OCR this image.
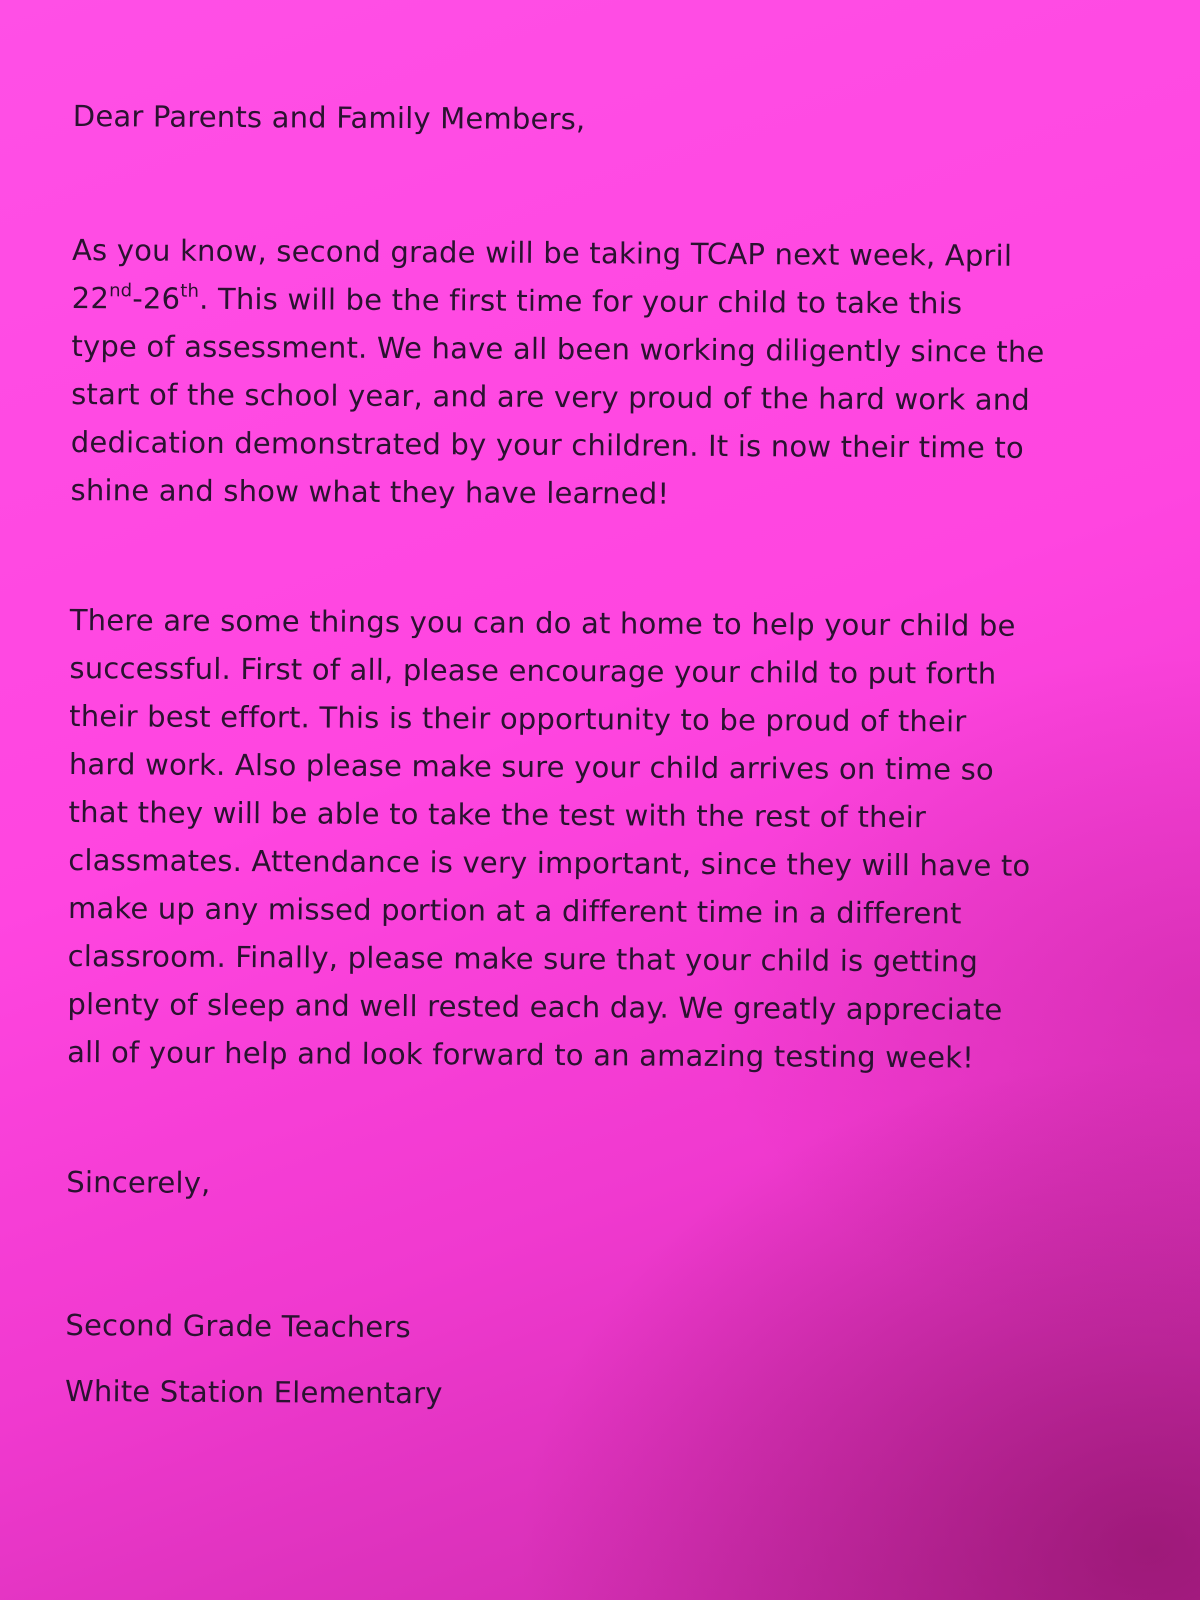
Dear Parents and Family Members,

As you know, second grade will be taking TCAP next week, April
22nd-26th. This will be the first time for your child to take this
type of assessment. We have all been working diligently since the
start of the school year, and are very proud of the hard work and
dedication demonstrated by your children. It is now their time to
shine and show what they have learned!
There are some things you can do at home to help your child be
successful. First of all, please encourage your child to put forth
their best effort. This is their opportunity to be proud of their
hard work. Also please make sure your child arrives on time so
that they will be able to take the test with the rest of their
classmates. Attendance is very important, since they will have to
make up any missed portion at a different time in a different
classroom. Finally, please make sure that your child is getting
plenty of sleep and well rested each day. We greatly appreciate
all of your help and look forward to an amazing testing week!

Sincerely,

Second Grade Teachers
White Station Elementary
